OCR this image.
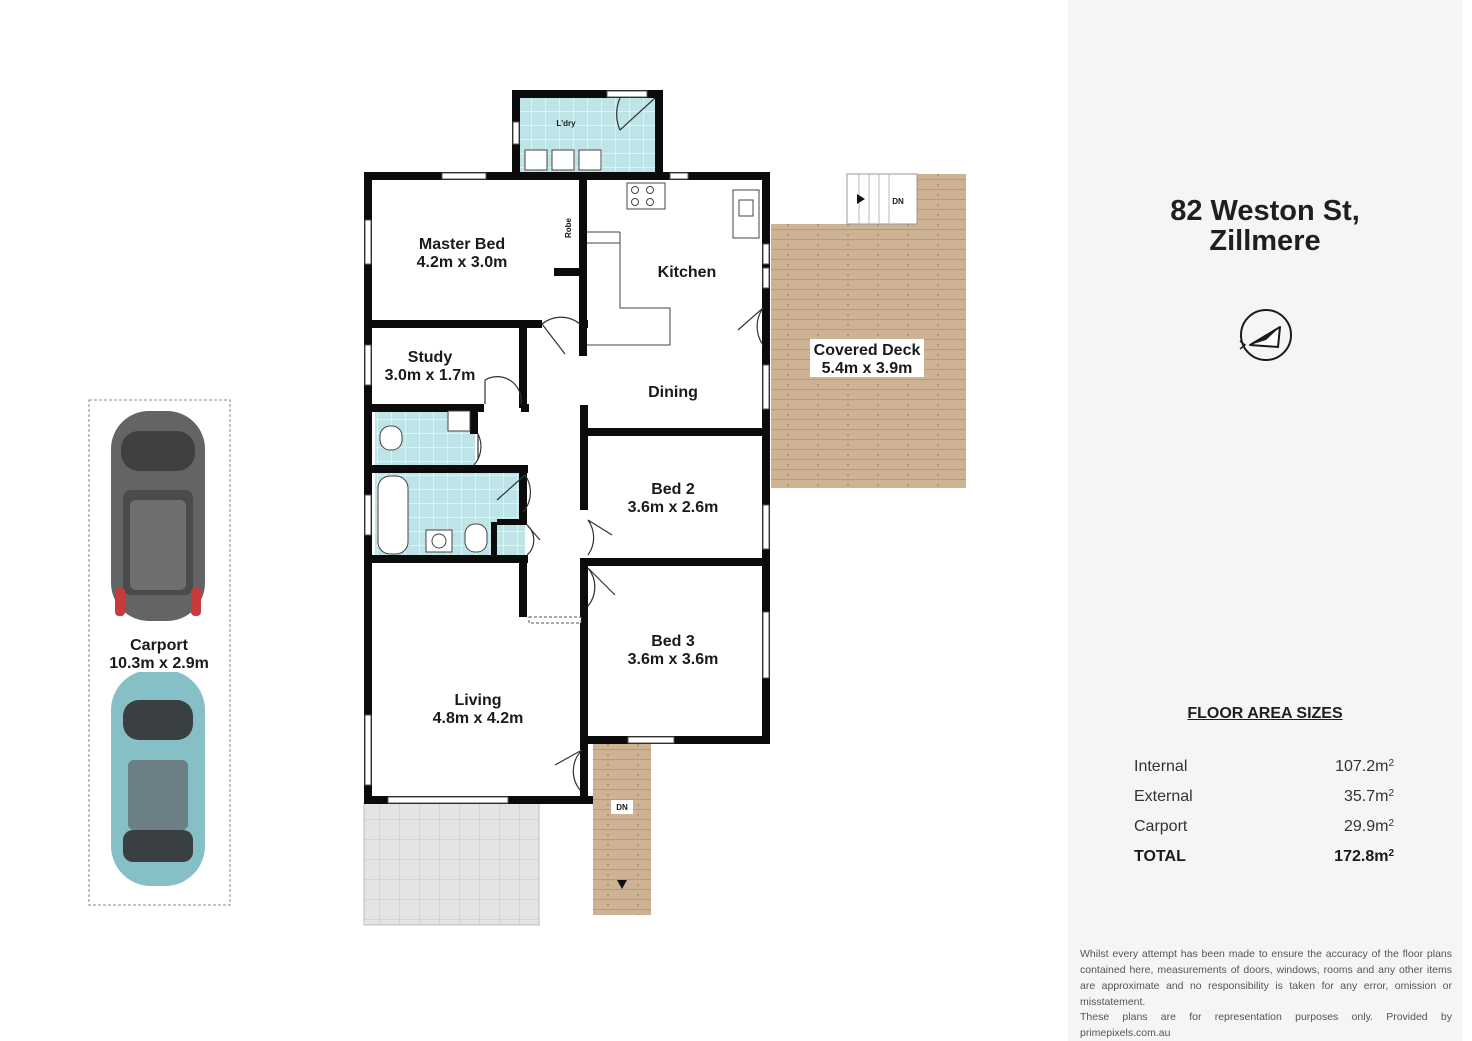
Master Bed
4.2m x 3.0m
Study
3.0m x 1.7m
Kitchen
Dining
Covered Deck
5.4m x 3.9m
Bed 2
3.6m x 2.6m
Bed 3
3.6m x 3.6m
Living
4.8m x 4.2m
Carport
10.3m x 2.9m
L'dry
Robe
DN
DN
82 Weston St,
Zillmere
FLOOR AREA SIZES
Internal	$107.2m^2$
External	$35.7m^2$
Carport	$29.9m^2$
TOTAL	$172.8m^2$
Whilst every attempt has been made to ensure the accuracy of the floor plans contained here, measurements of doors, windows, rooms and any other items are approximate and no responsibility is taken for any error, omission or misstatement.
These plans are for representation purposes only. Provided by primepixels.com.au
